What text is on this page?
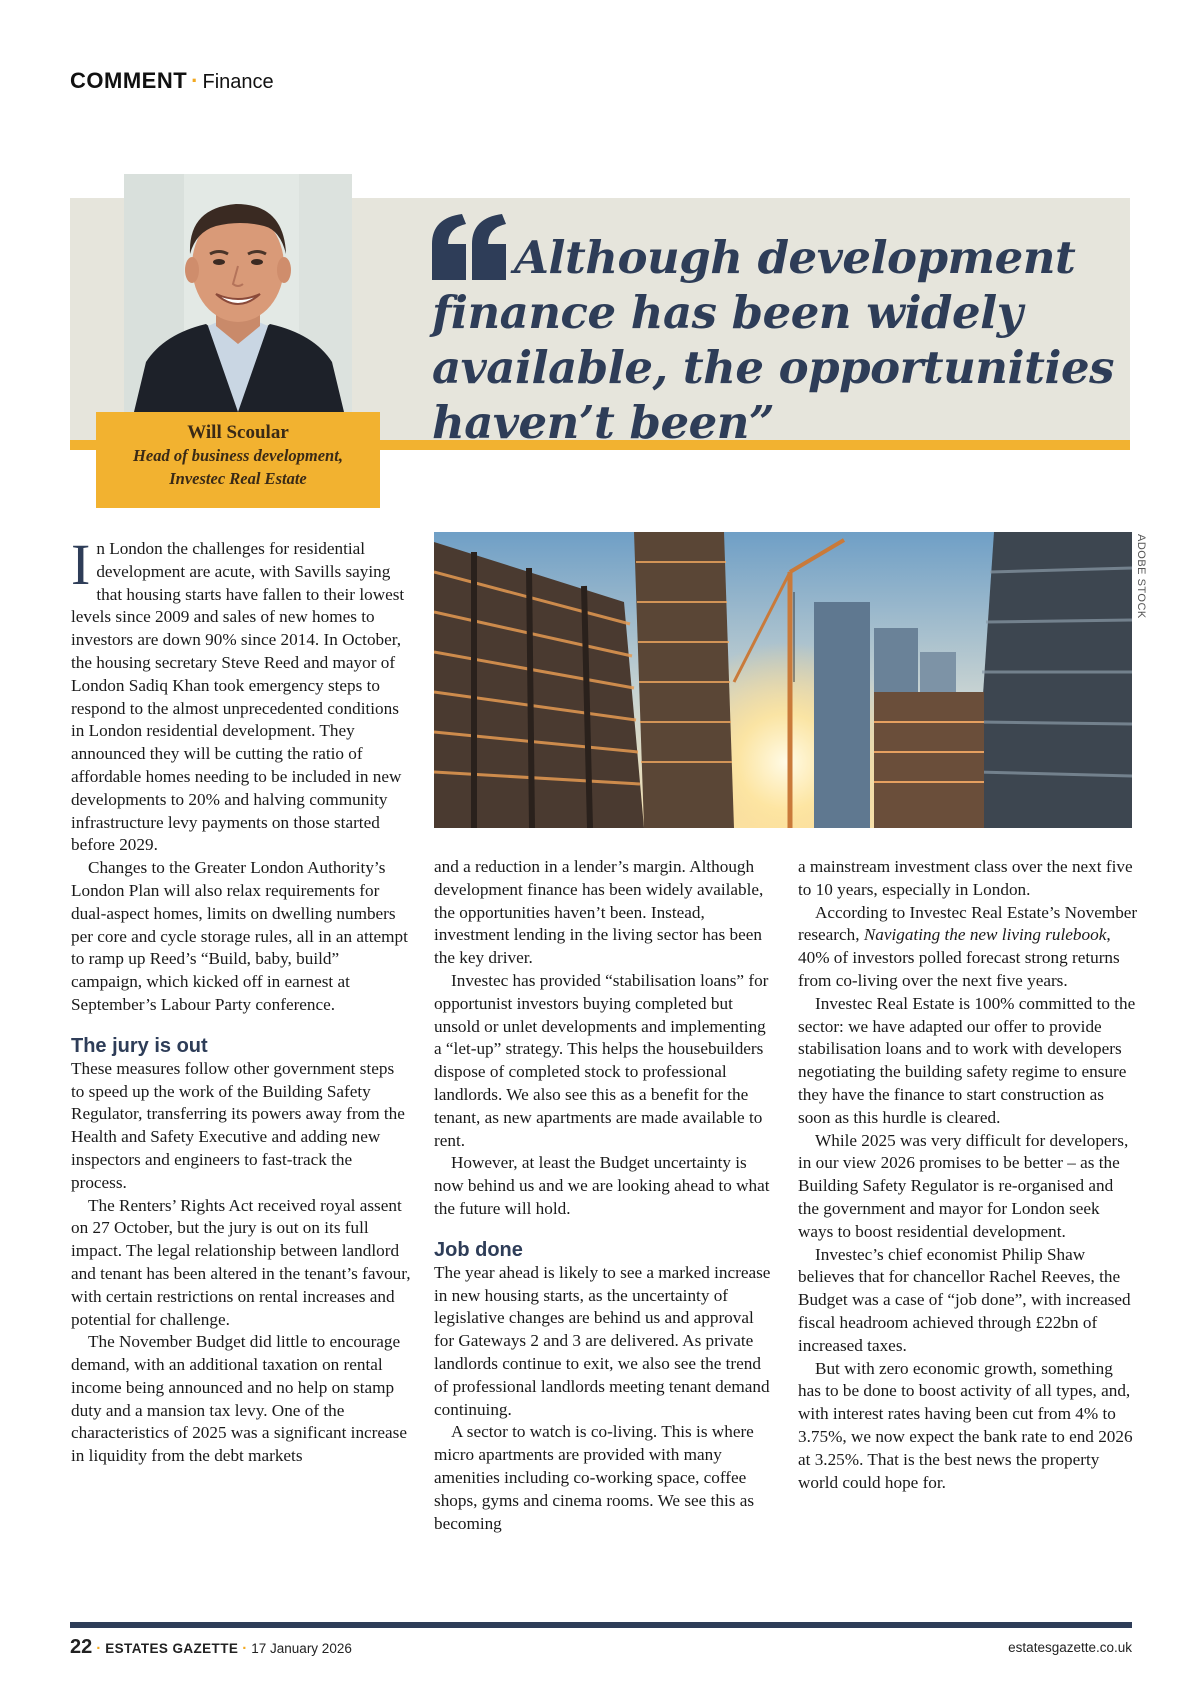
COMMENT · Finance
Will Scoular
Head of business development,
Investec Real Estate

Although development finance has been widely available, the opportunities haven’t been”

ADOBE STOCK

In London the challenges for residential development are acute, with Savills saying that housing starts have fallen to their lowest levels since 2009 and sales of new homes to investors are down 90% since 2014. In October, the housing secretary Steve Reed and mayor of London Sadiq Khan took emergency steps to respond to the almost unprecedented conditions in London residential development. They announced they will be cutting the ratio of affordable homes needing to be included in new developments to 20% and halving community infrastructure levy payments on those started before 2029.

Changes to the Greater London Authority’s London Plan will also relax requirements for dual-aspect homes, limits on dwelling numbers per core and cycle storage rules, all in an attempt to ramp up Reed’s “Build, baby, build” campaign, which kicked off in earnest at September’s Labour Party conference.

The jury is out

These measures follow other government steps to speed up the work of the Building Safety Regulator, transferring its powers away from the Health and Safety Executive and adding new inspectors and engineers to fast-track the process.

The Renters’ Rights Act received royal assent on 27 October, but the jury is out on its full impact. The legal relationship between landlord and tenant has been altered in the tenant’s favour, with certain restrictions on rental increases and potential for challenge.

The November Budget did little to encourage demand, with an additional taxation on rental income being announced and no help on stamp duty and a mansion tax levy. One of the characteristics of 2025 was a significant increase in liquidity from the debt markets

and a reduction in a lender’s margin. Although development finance has been widely available, the opportunities haven’t been. Instead, investment lending in the living sector has been the key driver.

Investec has provided “stabilisation loans” for opportunist investors buying completed but unsold or unlet developments and implementing a “let-up” strategy. This helps the housebuilders dispose of completed stock to professional landlords. We also see this as a benefit for the tenant, as new apartments are made available to rent.

However, at least the Budget uncertainty is now behind us and we are looking ahead to what the future will hold.

Job done

The year ahead is likely to see a marked increase in new housing starts, as the uncertainty of legislative changes are behind us and approval for Gateways 2 and 3 are delivered. As private landlords continue to exit, we also see the trend of professional landlords meeting tenant demand continuing.

A sector to watch is co-living. This is where micro apartments are provided with many amenities including co-working space, coffee shops, gyms and cinema rooms. We see this as becoming

a mainstream investment class over the next five to 10 years, especially in London.

According to Investec Real Estate’s November research, Navigating the new living rulebook, 40% of investors polled forecast strong returns from co-living over the next five years.

Investec Real Estate is 100% committed to the sector: we have adapted our offer to provide stabilisation loans and to work with developers negotiating the building safety regime to ensure they have the finance to start construction as soon as this hurdle is cleared.

While 2025 was very difficult for developers, in our view 2026 promises to be better – as the Building Safety Regulator is re-organised and the government and mayor for London seek ways to boost residential development.

Investec’s chief economist Philip Shaw believes that for chancellor Rachel Reeves, the Budget was a case of “job done”, with increased fiscal headroom achieved through £22bn of increased taxes.

But with zero economic growth, something has to be done to boost activity of all types, and, with interest rates having been cut from 4% to 3.75%, we now expect the bank rate to end 2026 at 3.25%. That is the best news the property world could hope for.

22 · ESTATES GAZETTE · 17 January 2026	estatesgazette.co.uk
